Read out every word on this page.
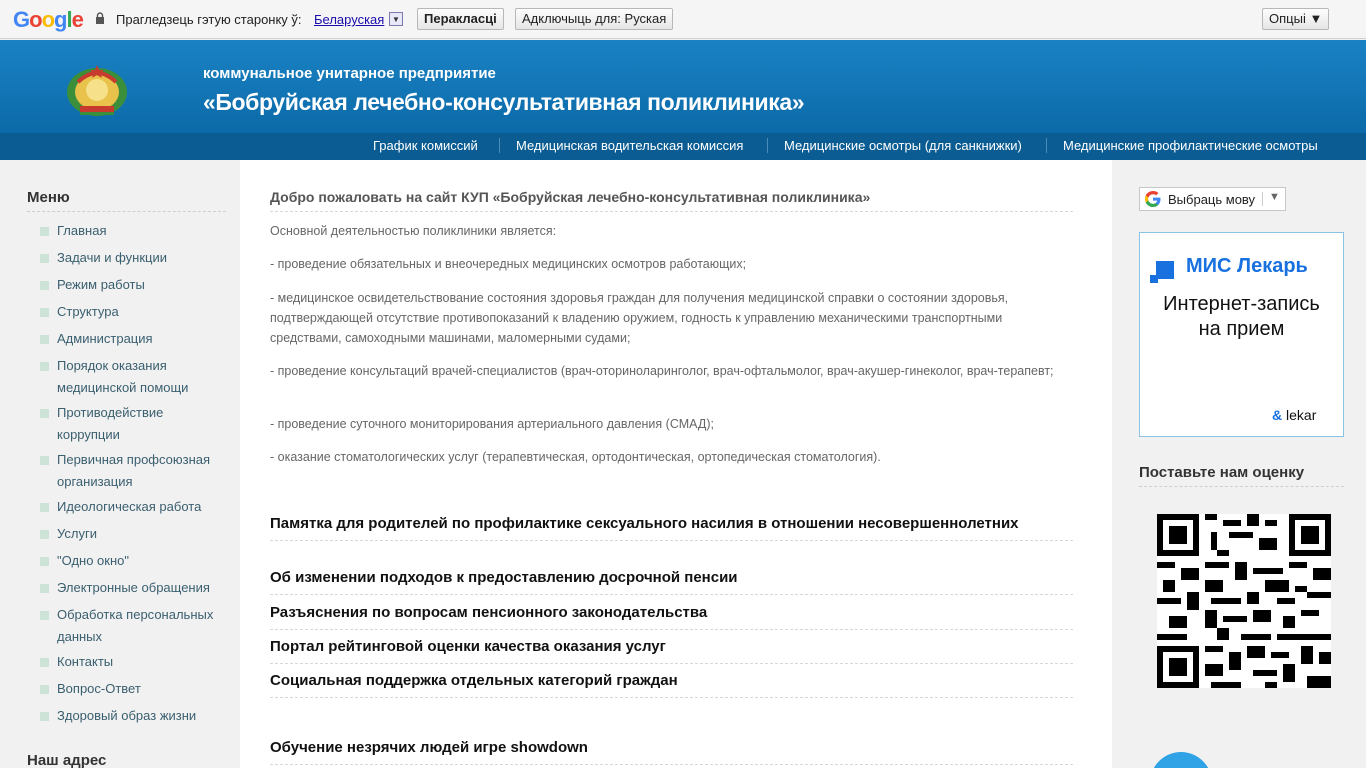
Google	Прагледзець гэтую старонку ў: Беларуская ▼	Перакласці	Адключыць для: Руская	Опцыі ▼
коммунальное унитарное предприятие
«Бобруйская лечебно-консультативная поликлиника»
График комиссий	Медицинская водительская комиссия	Медицинские осмотры (для санкнижки)	Медицинские профилактические осмотры
Меню
Главная
Задачи и функции
Режим работы
Структура
Администрация
Порядок оказания медицинской помощи
Противодействие коррупции
Первичная профсоюзная организация
Идеологическая работа
Услуги
"Одно окно"
Электронные обращения
Обработка персональных данных
Контакты
Вопрос-Ответ
Здоровый образ жизни
Наш адрес
Добро пожаловать на сайт КУП «Бобруйская лечебно-консультативная поликлиника»
Основной деятельностью поликлиники является:
- проведение обязательных и внеочередных медицинских осмотров работающих;
- медицинское освидетельствование состояния здоровья граждан для получения медицинской справки о состоянии здоровья, подтверждающей отсутствие противопоказаний к владению оружием, годность к управлению механическими транспортными средствами, самоходными машинами, маломерными судами;
- проведение консультаций врачей-специалистов (врач-оториноларинголог, врач-офтальмолог, врач-акушер-гинеколог, врач-терапевт;
- проведение суточного мониторирования артериального давления (СМАД);
- оказание стоматологических услуг (терапевтическая, ортодонтическая, ортопедическая стоматология).
Памятка для родителей по профилактике сексуального насилия в отношении несовершеннолетних
Об изменении подходов к предоставлению досрочной пенсии
Разъяснения по вопросам пенсионного законодательства
Портал рейтинговой оценки качества оказания услуг
Социальная поддержка отдельных категорий граждан
Обучение незрячих людей игре showdown
Выбраць мову ▼
МИС Лекарь
Интернет-запись
на прием
& lekar
Поставьте нам оценку
